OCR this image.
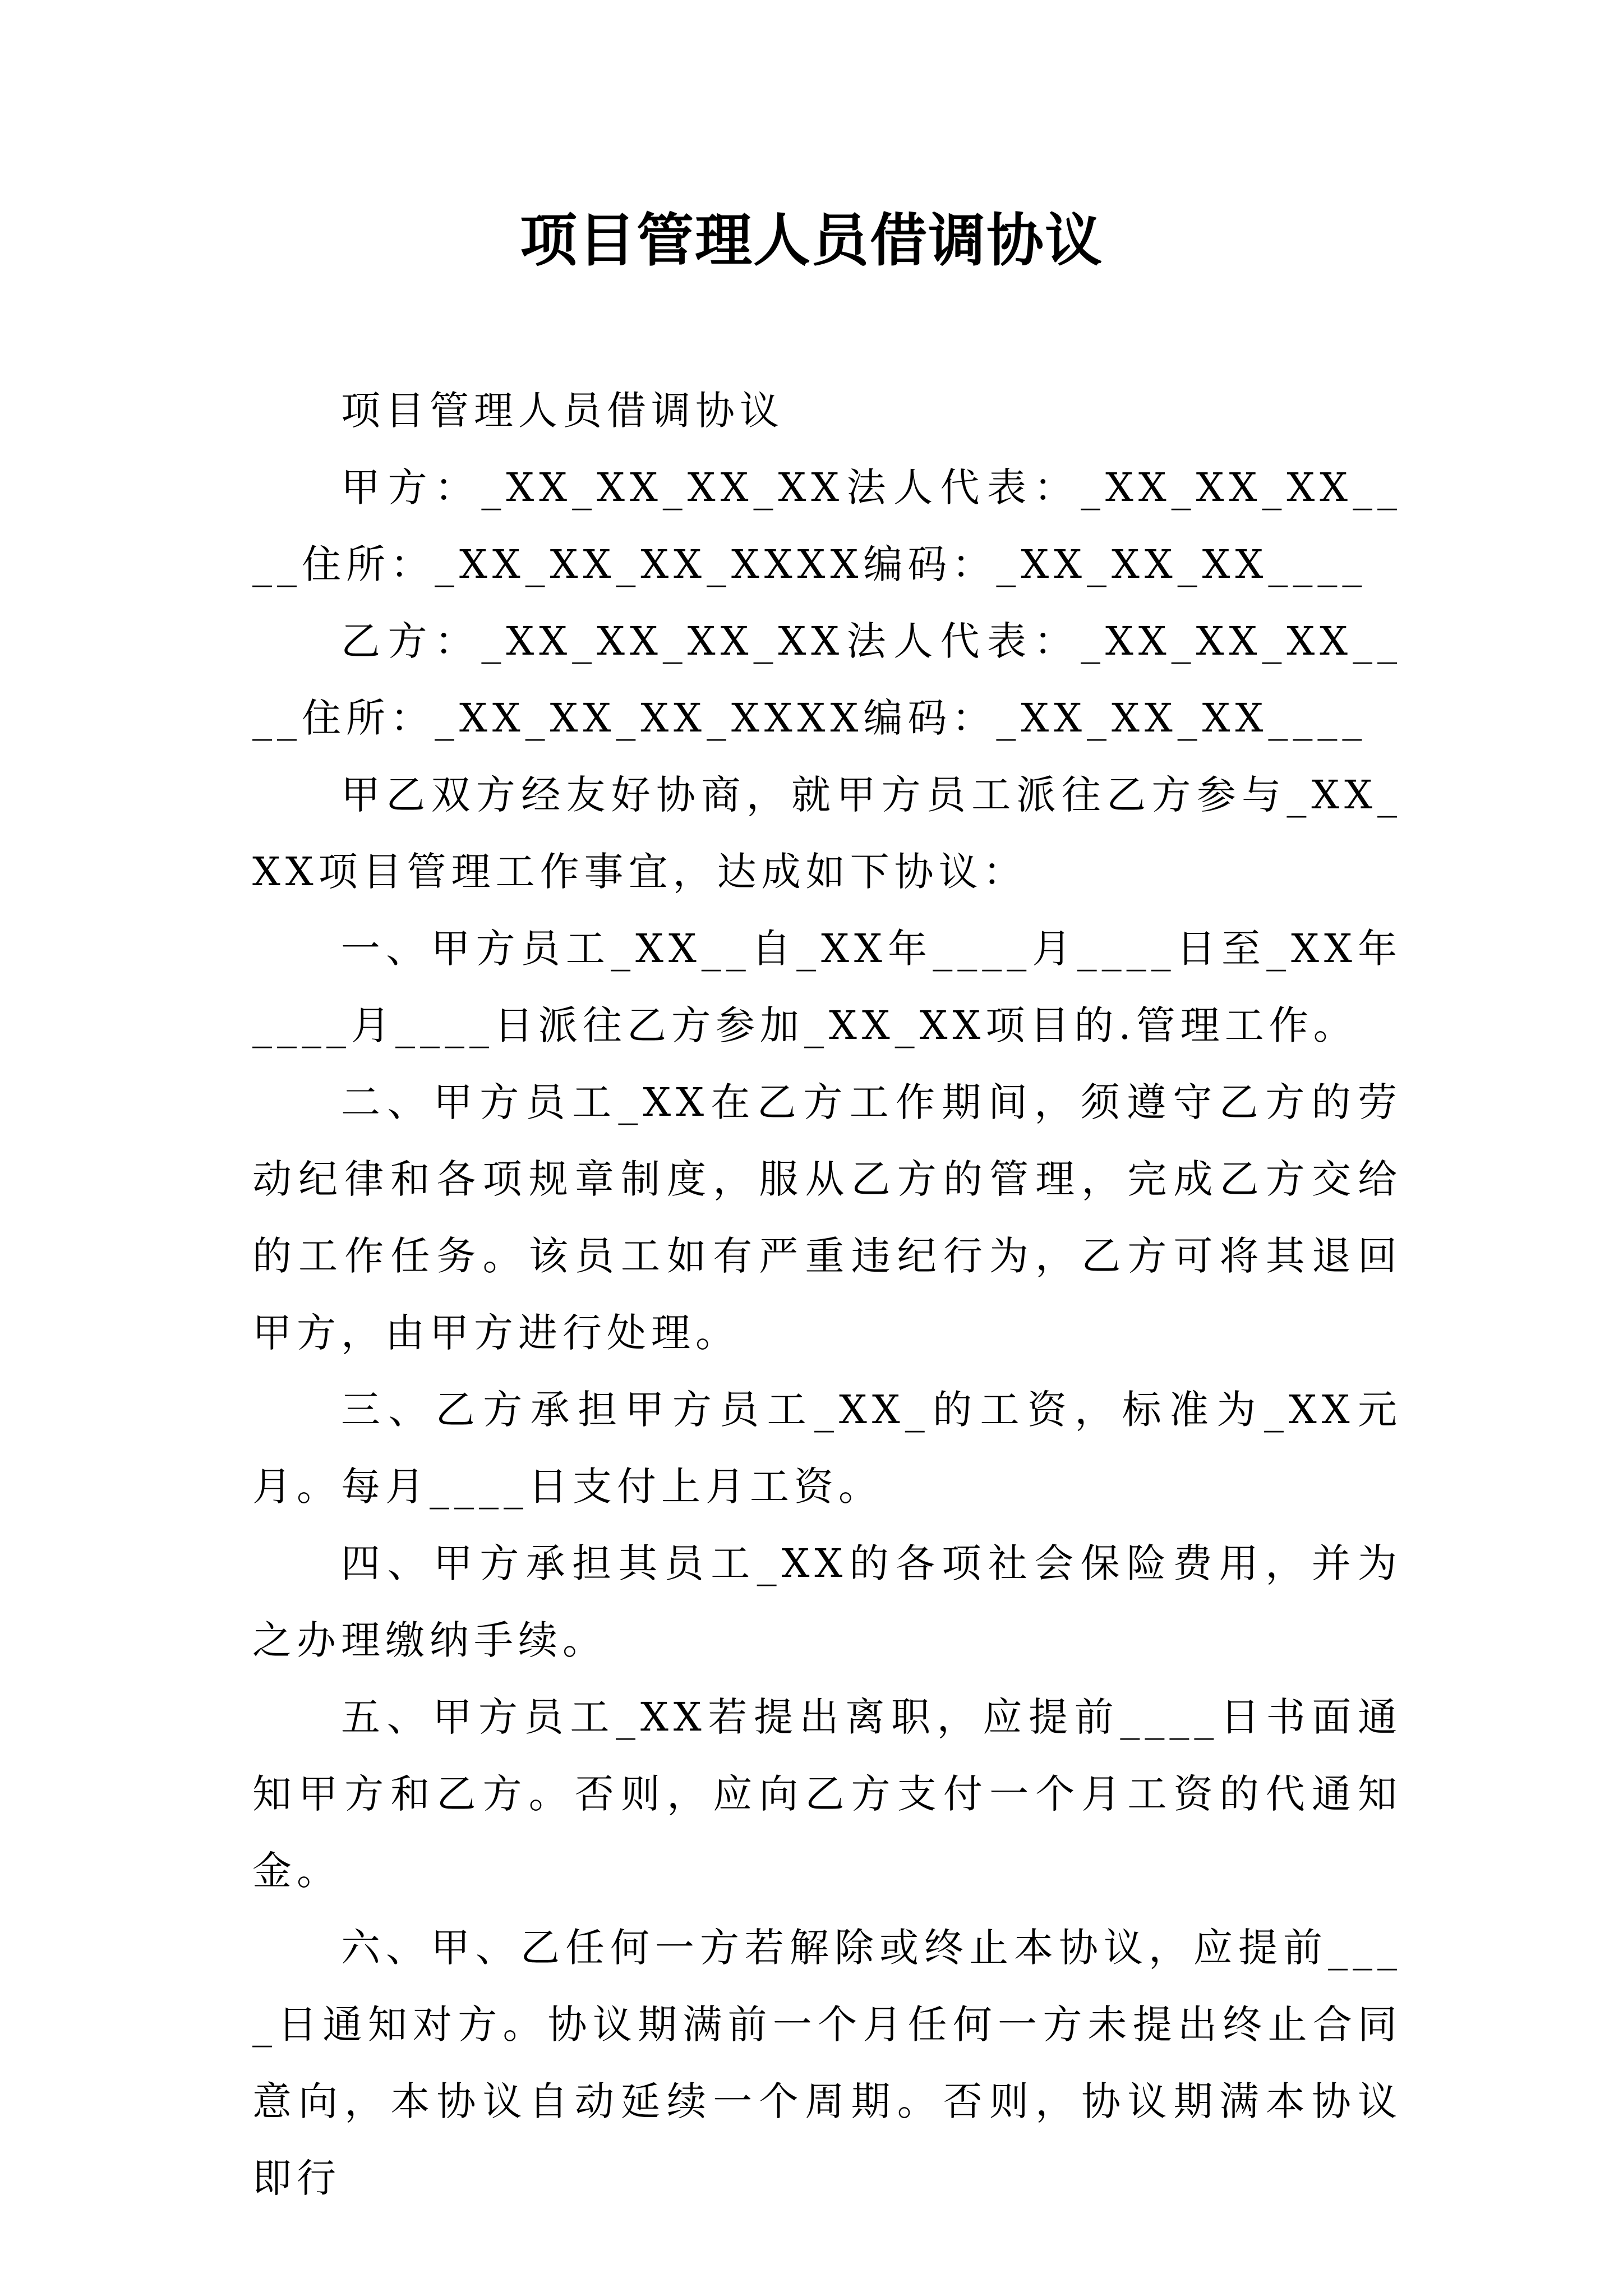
项目管理人员借调协议

项目管理人员借调协议

甲方：_XX_XX_XX_XX法人代表：_XX_XX_XX____住所：_XX_XX_XX_XXXX编码：_XX_XX_XX____

乙方：_XX_XX_XX_XX法人代表：_XX_XX_XX____住所：_XX_XX_XX_XXXX编码：_XX_XX_XX____

甲乙双方经友好协商，就甲方员工派往乙方参与_XX_XX项目管理工作事宜，达成如下协议：

一、甲方员工_XX__自_XX年____月____日至_XX年____月____日派往乙方参加_XX_XX项目的.管理工作。

二、甲方员工_XX在乙方工作期间，须遵守乙方的劳动纪律和各项规章制度，服从乙方的管理，完成乙方交给的工作任务。该员工如有严重违纪行为，乙方可将其退回甲方，由甲方进行处理。

三、乙方承担甲方员工_XX_的工资，标准为_XX元月。每月____日支付上月工资。

四、甲方承担其员工_XX的各项社会保险费用，并为之办理缴纳手续。

五、甲方员工_XX若提出离职，应提前____日书面通知甲方和乙方。否则，应向乙方支付一个月工资的代通知金。

六、甲、乙任何一方若解除或终止本协议，应提前____日通知对方。协议期满前一个月任何一方未提出终止合同意向，本协议自动延续一个周期。否则，协议期满本协议即行
